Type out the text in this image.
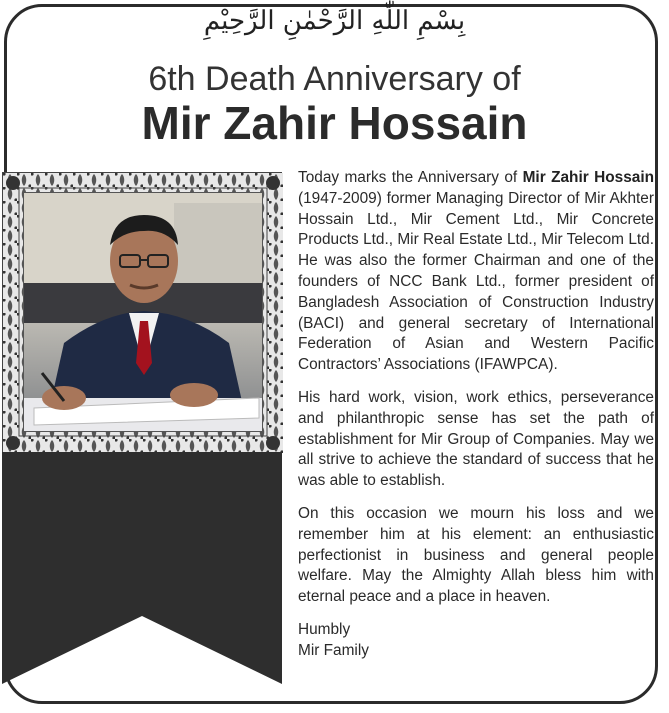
بِسْمِ اللّٰهِ الرَّحْمٰنِ الرَّحِيْمِ
6th Death Anniversary of
Mir Zahir Hossain

Today marks the Anniversary of Mir Zahir Hossain (1947-2009) former Managing Director of Mir Akhter Hossain Ltd., Mir Cement Ltd., Mir Concrete Products Ltd., Mir Real Estate Ltd., Mir Telecom Ltd. He was also the former Chairman and one of the founders of NCC Bank Ltd., former president of Bangladesh Association of Construction Industry (BACI) and general secretary of International Federation of Asian and Western Pacific Contractors’ Associations (IFAWPCA).

His hard work, vision, work ethics, perseverance and philanthropic sense has set the path of establishment for Mir Group of Companies. May we all strive to achieve the standard of success that he was able to establish.

On this occasion we mourn his loss and we remember him at his element: an enthusiastic perfectionist in business and general people welfare. May the Almighty Allah bless him with eternal peace and a place in heaven.

Humbly
Mir Family
